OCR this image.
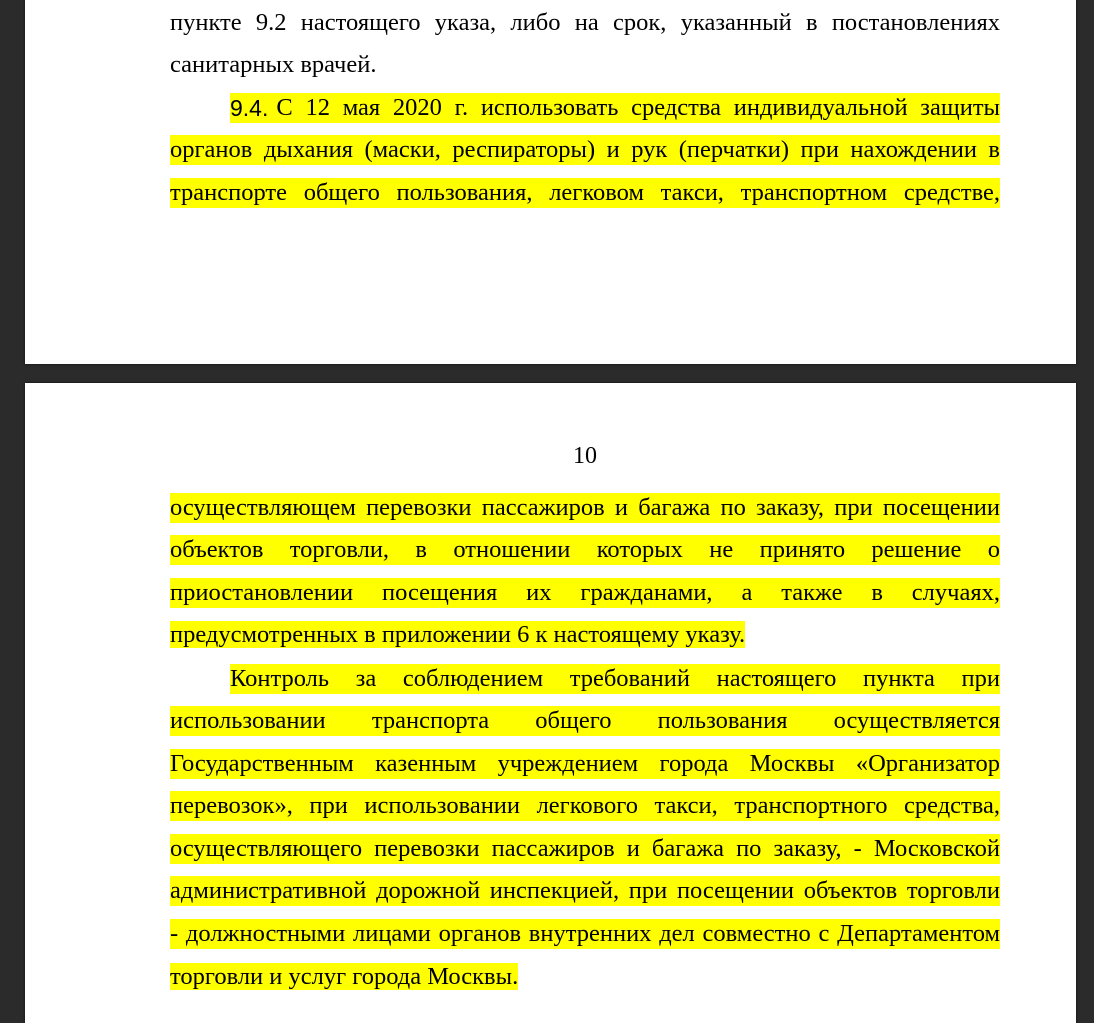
пункте 9.2 настоящего указа, либо на срок, указанный в постановлениях
санитарных врачей.
9.4. С 12 мая 2020 г. использовать средства индивидуальной защиты
органов дыхания (маски, респираторы) и рук (перчатки) при нахождении в
транспорте общего пользования, легковом такси, транспортном средстве,
10
осуществляющем перевозки пассажиров и багажа по заказу, при посещении
объектов торговли, в отношении которых не принято решение о
приостановлении посещения их гражданами, а также в случаях,
предусмотренных в приложении 6 к настоящему указу.
Контроль за соблюдением требований настоящего пункта при
использовании транспорта общего пользования осуществляется
Государственным казенным учреждением города Москвы «Организатор
перевозок», при использовании легкового такси, транспортного средства,
осуществляющего перевозки пассажиров и багажа по заказу, - Московской
административной дорожной инспекцией, при посещении объектов торговли
- должностными лицами органов внутренних дел совместно с Департаментом
торговли и услуг города Москвы.
